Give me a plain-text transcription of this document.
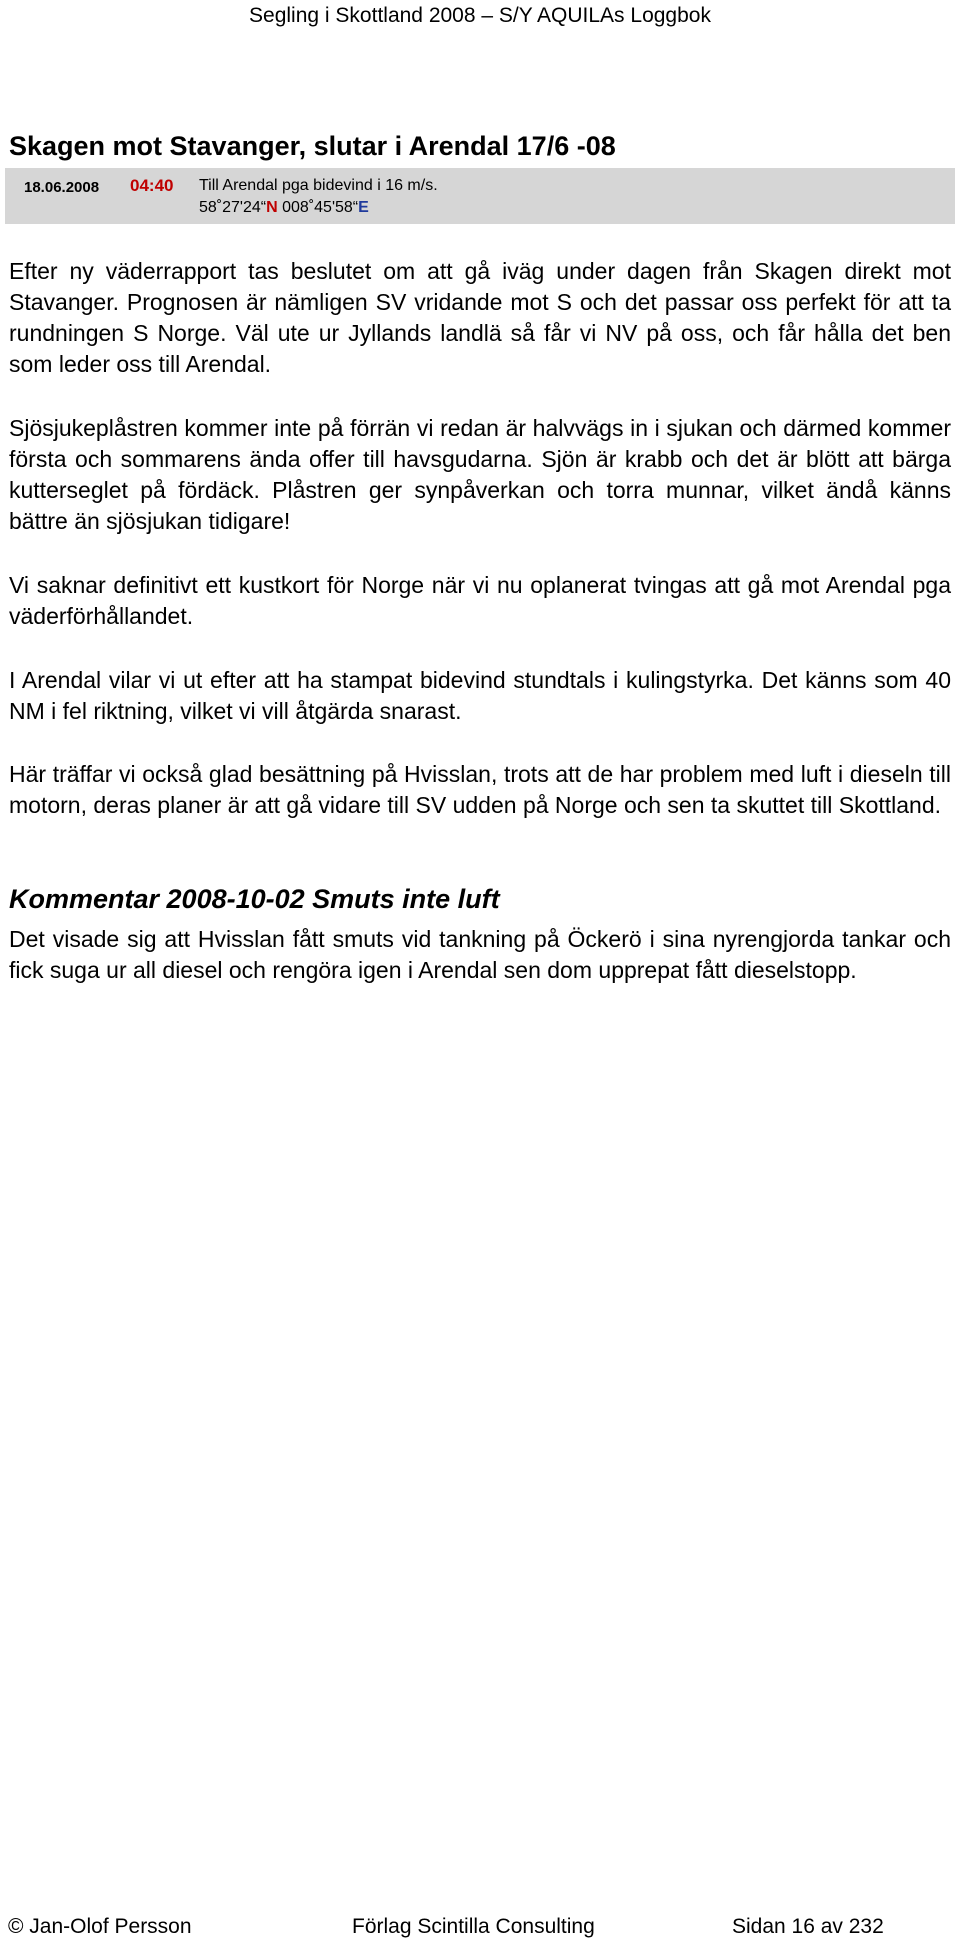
Segling i Skottland 2008 – S/Y AQUILAs Loggbok
Skagen mot Stavanger, slutar i Arendal 17/6 -08
18.06.2008 04:40 Till Arendal pga bidevind i 16 m/s.
58˚27'24“N 008˚45'58“E

Efter ny väderrapport tas beslutet om att gå iväg under dagen från Skagen direkt mot Stavanger. Prognosen är nämligen SV vridande mot S och det passar oss perfekt för att ta rundningen S Norge. Väl ute ur Jyllands landlä så får vi NV på oss, och får hålla det ben som leder oss till Arendal.

Sjösjukeplåstren kommer inte på förrän vi redan är halvvägs in i sjukan och därmed kommer första och sommarens ända offer till havsgudarna. Sjön är krabb och det är blött att bärga kutterseglet på fördäck. Plåstren ger synpåverkan och torra munnar, vilket ändå känns bättre än sjösjukan tidigare!

Vi saknar definitivt ett kustkort för Norge när vi nu oplanerat tvingas att gå mot Arendal pga väderförhållandet.

I Arendal vilar vi ut efter att ha stampat bidevind stundtals i kulingstyrka. Det känns som 40 NM i fel riktning, vilket vi vill åtgärda snarast.

Här träffar vi också glad besättning på Hvisslan, trots att de har problem med luft i dieseln till motorn, deras planer är att gå vidare till SV udden på Norge och sen ta skuttet till Skottland.

Kommentar 2008-10-02 Smuts inte luft

Det visade sig att Hvisslan fått smuts vid tankning på Öckerö i sina nyrengjorda tankar och fick suga ur all diesel och rengöra igen i Arendal sen dom upprepat fått dieselstopp.

© Jan-Olof Persson	Förlag Scintilla Consulting	Sidan 16 av 232
